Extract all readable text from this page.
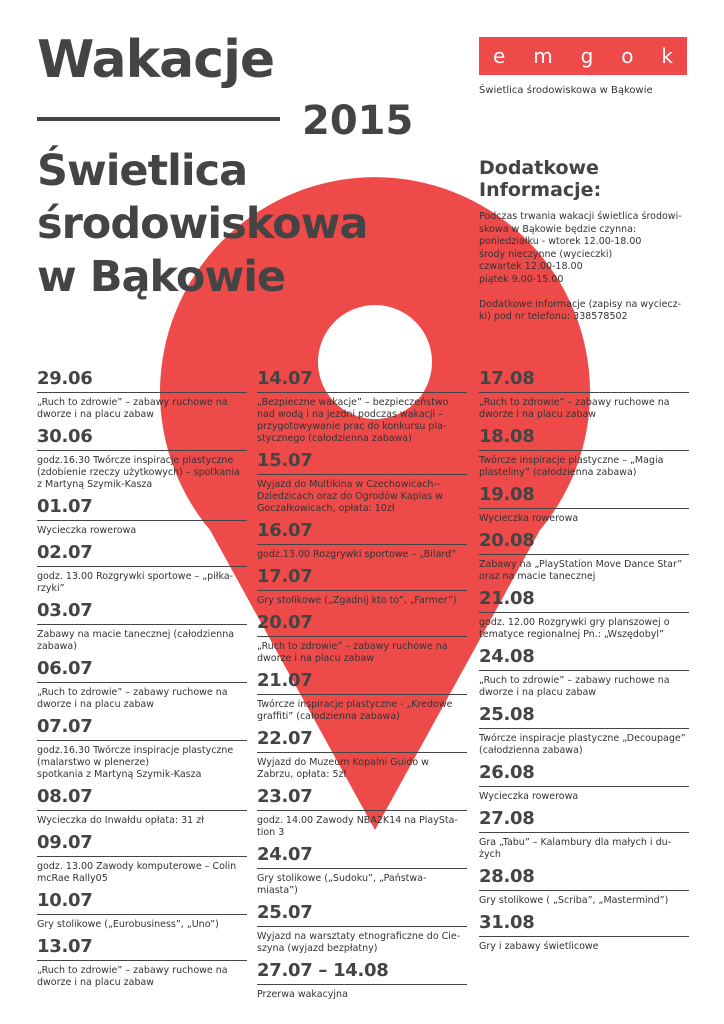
Wakacje
2015
Świetlica
środowiskowa
w Bąkowie
e m g o k
Świetlica środowiskowa w Bąkowie
Dodatkowe
Informacje:
Podczas trwania wakacji świetlica środowi-
skowa w Bąkowie będzie czynna:
poniedziałku - wtorek 12.00-18.00
środy nieczynne (wycieczki)
czwartek 12.00-18.00
piątek 9.00-15.00

Dodatkowe informacje (zapisy na wyciecz-
ki) pod nr telefonu: 338578502
29.06
„Ruch to zdrowie” – zabawy ruchowe na dworze i na placu zabaw
30.06
godz.16.30 Twórcze inspiracje plastyczne (zdobienie rzeczy użytkowych) – spotkania z Martyną Szymik-Kasza
01.07
Wycieczka rowerowa
02.07
godz. 13.00 Rozgrywki sportowe – „piłka-rzyki”
03.07
Zabawy na macie tanecznej (całodzienna zabawa)
06.07
„Ruch to zdrowie” – zabawy ruchowe na dworze i na placu zabaw
07.07
godz.16.30 Twórcze inspiracje plastyczne (malarstwo w plenerze)
spotkania z Martyną Szymik-Kasza
08.07
Wycieczka do Inwałdu opłata: 31 zł
09.07
godz. 13.00 Zawody komputerowe – Colin mcRae Rally05
10.07
Gry stolikowe („Eurobusiness”, „Uno”)
13.07
„Ruch to zdrowie” – zabawy ruchowe na dworze i na placu zabaw
14.07
„Bezpieczne wakacje” – bezpieczeństwo nad wodą i na jezdni podczas wakacji – przygotowywanie prac do konkursu pla-stycznego (całodzienna zabawa)
15.07
Wyjazd do Multikina w Czechowicach--Dziedzicach oraz do Ogrodów Kapias w Goczałkowicach, opłata: 10zł
16.07
godz.13.00 Rozgrywki sportowe – „Bilard”
17.07
Gry stolikowe („Zgadnij kto to”, „Farmer”)
20.07
„Ruch to zdrowie” – zabawy ruchowe na dworze i na placu zabaw
21.07
Twórcze inspiracje plastyczne - „Kredowe graffiti” (całodzienna zabawa)
22.07
Wyjazd do Muzeum Kopalni Guido w Zabrzu, opłata: 5zł
23.07
godz. 14.00 Zawody NBA2K14 na PlaySta-tion 3
24.07
Gry stolikowe („Sudoku”, „Państwa-miasta”)
25.07
Wyjazd na warsztaty etnograficzne do Cie-szyna (wyjazd bezpłatny)
27.07 – 14.08
Przerwa wakacyjna
17.08
„Ruch to zdrowie” – zabawy ruchowe na dworze i na placu zabaw
18.08
Twórcze inspiracje plastyczne – „Magia plasteliny” (całodzienna zabawa)
19.08
Wycieczka rowerowa
20.08
Zabawy na „PlayStation Move Dance Star” oraz na macie tanecznej
21.08
godz. 12.00 Rozgrywki gry planszowej o tematyce regionalnej Pn.: „Wszędobyl”
24.08
„Ruch to zdrowie” – zabawy ruchowe na dworze i na placu zabaw
25.08
Twórcze inspiracje plastyczne „Decoupage” (całodzienna zabawa)
26.08
Wycieczka rowerowa
27.08
Gra „Tabu” – Kalambury dla małych i du-żych
28.08
Gry stolikowe ( „Scriba”, „Mastermind”)
31.08
Gry i zabawy świetlicowe
